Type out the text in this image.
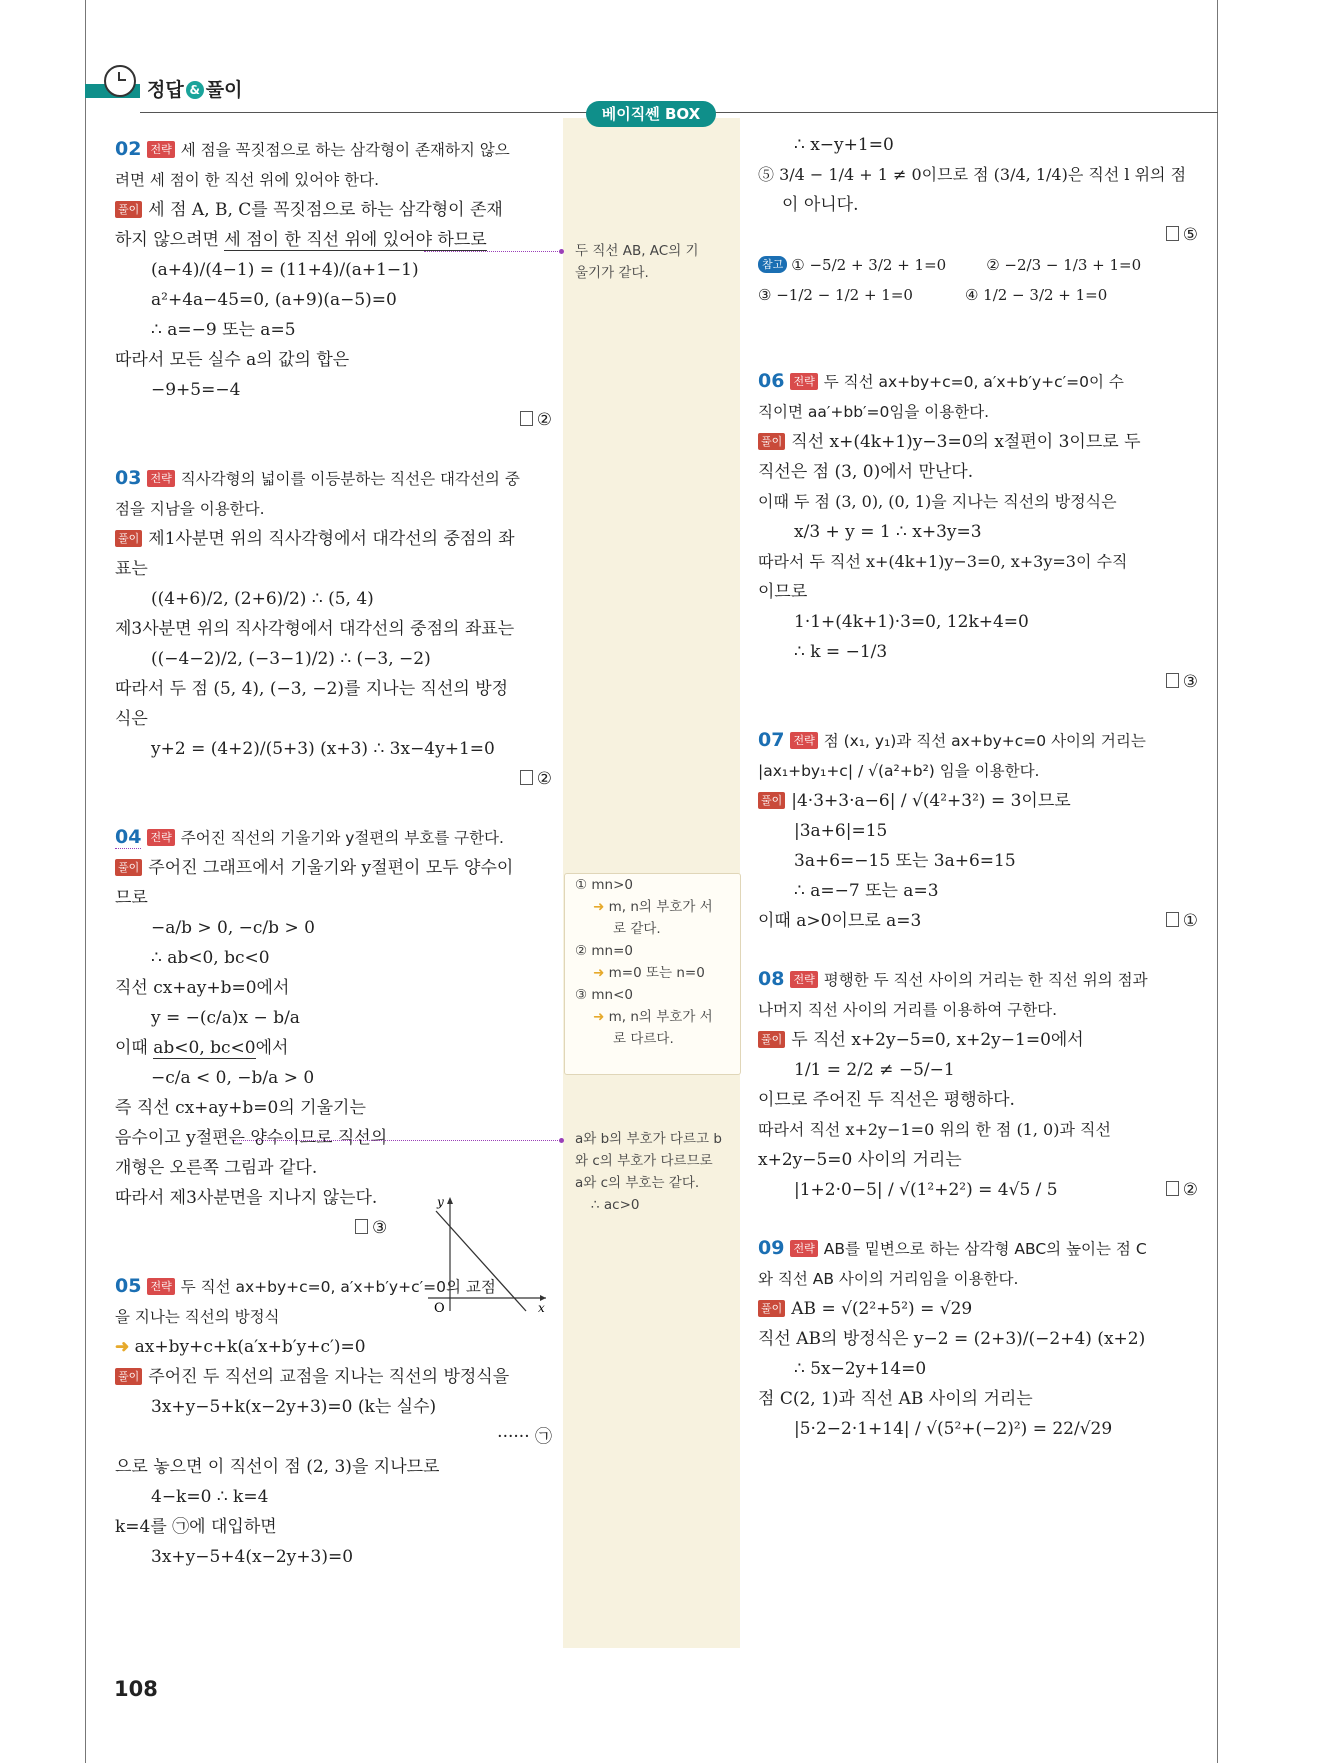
정답 & 풀이
베이직쎈 BOX

02 전략 세 점을 꼭짓점으로 하는 삼각형이 존재하지 않으

려면 세 점이 한 직선 위에 있어야 한다.

풀이 세 점 A, B, C를 꼭짓점으로 하는 삼각형이 존재

하지 않으려면 세 점이 한 직선 위에 있어야 하므로

(a+4)/(4−1) = (11+4)/(a+1−1)

a²+4a−45=0, (a+9)(a−5)=0

∴ a=−9 또는 a=5

따라서 모든 실수 a의 값의 합은

−9+5=−4

②

03 전략 직사각형의 넓이를 이등분하는 직선은 대각선의 중

점을 지남을 이용한다.

풀이 제1사분면 위의 직사각형에서 대각선의 중점의 좌

표는

((4+6)/2, (2+6)/2) ∴ (5, 4)

제3사분면 위의 직사각형에서 대각선의 중점의 좌표는

((−4−2)/2, (−3−1)/2) ∴ (−3, −2)

따라서 두 점 (5, 4), (−3, −2)를 지나는 직선의 방정

식은

y+2 = (4+2)/(5+3) (x+3) ∴ 3x−4y+1=0

②

04 전략 주어진 직선의 기울기와 y절편의 부호를 구한다.

풀이 주어진 그래프에서 기울기와 y절편이 모두 양수이

므로

−a/b > 0, −c/b > 0

∴ ab<0, bc<0

직선 cx+ay+b=0에서

y = −(c/a)x − b/a

이때 ab<0, bc<0에서

−c/a < 0, −b/a > 0

즉 직선 cx+ay+b=0의 기울기는

음수이고 y절편은 양수이므로 직선의

개형은 오른쪽 그림과 같다.

따라서 제3사분면을 지나지 않는다.

③

05 전략 두 직선 ax+by+c=0, a′x+b′y+c′=0의 교점

을 지나는 직선의 방정식

➜ ax+by+c+k(a′x+b′y+c′)=0

풀이 주어진 두 직선의 교점을 지나는 직선의 방정식을

3x+y−5+k(x−2y+3)=0 (k는 실수)

······ ㉠

으로 놓으면 이 직선이 점 (2, 3)을 지나므로

4−k=0 ∴ k=4

k=4를 ㉠에 대입하면

3x+y−5+4(x−2y+3)=0

x
y
O
두 직선 AB, AC의 기
울기가 같다.
① mn>0
➜ m, n의 부호가 서
로 같다.
② mn=0
➜ m=0 또는 n=0
③ mn<0
➜ m, n의 부호가 서
로 다르다.
a와 b의 부호가 다르고 b
와 c의 부호가 다르므로
a와 c의 부호는 같다.
∴ ac>0

∴ x−y+1=0

⑤ 3/4 − 1/4 + 1 ≠ 0이므로 점 (3/4, 1/4)은 직선 l 위의 점

이 아니다.

⑤

참고 ① −5/2 + 3/2 + 1=0	② −2/3 − 1/3 + 1=0

③ −1/2 − 1/2 + 1=0	④ 1/2 − 3/2 + 1=0

06 전략 두 직선 ax+by+c=0, a′x+b′y+c′=0이 수

직이면 aa′+bb′=0임을 이용한다.

풀이 직선 x+(4k+1)y−3=0의 x절편이 3이므로 두

직선은 점 (3, 0)에서 만난다.

이때 두 점 (3, 0), (0, 1)을 지나는 직선의 방정식은

x/3 + y = 1 ∴ x+3y=3

따라서 두 직선 x+(4k+1)y−3=0, x+3y=3이 수직

이므로

1·1+(4k+1)·3=0, 12k+4=0

∴ k = −1/3

③

07 전략 점 (x₁, y₁)과 직선 ax+by+c=0 사이의 거리는

|ax₁+by₁+c| / √(a²+b²) 임을 이용한다.

풀이 |4·3+3·a−6| / √(4²+3²) = 3이므로

|3a+6|=15

3a+6=−15 또는 3a+6=15

∴ a=−7 또는 a=3

이때 a>0이므로 a=3	①

08 전략 평행한 두 직선 사이의 거리는 한 직선 위의 점과

나머지 직선 사이의 거리를 이용하여 구한다.

풀이 두 직선 x+2y−5=0, x+2y−1=0에서

1/1 = 2/2 ≠ −5/−1

이므로 주어진 두 직선은 평행하다.

따라서 직선 x+2y−1=0 위의 한 점 (1, 0)과 직선

x+2y−5=0 사이의 거리는

|1+2·0−5| / √(1²+2²) = 4√5 / 5	②

09 전략 AB를 밑변으로 하는 삼각형 ABC의 높이는 점 C

와 직선 AB 사이의 거리임을 이용한다.

풀이 AB = √(2²+5²) = √29

직선 AB의 방정식은 y−2 = (2+3)/(−2+4) (x+2)

∴ 5x−2y+14=0

점 C(2, 1)과 직선 AB 사이의 거리는

|5·2−2·1+14| / √(5²+(−2)²) = 22/√29

108
